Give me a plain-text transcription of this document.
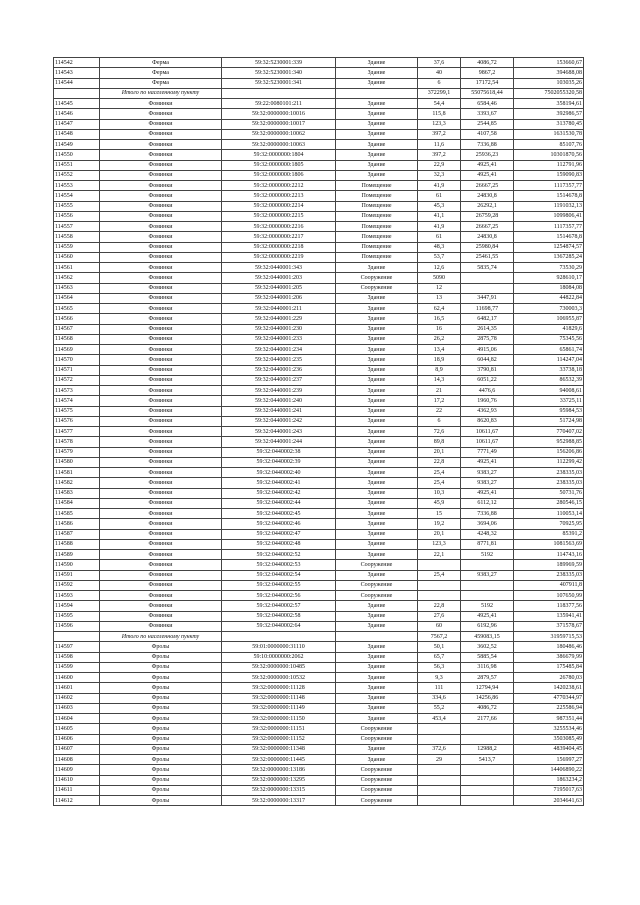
114542	Ферма	59:32:5230001:339	Здание	37,6	4086,72	153660,67
114543	Ферма	59:32:5230001:340	Здание	40	9867,2	394688,08
114544	Ферма	59:32:5230001:341	Здание	6	17172,54	103035,26
	Итого по населенному пункту			372299,1	55075618,44	7502055320,58
114545	Фоминки	59:22:0080101:211	Здание	54,4	6584,46	358194,61
114546	Фоминки	59:32:0000000:10016	Здание	115,8	3393,67	392986,57
114547	Фоминки	59:32:0000000:10017	Здание	123,3	2544,85	313780,45
114548	Фоминки	59:32:0000000:10062	Здание	397,2	4107,58	1631530,78
114549	Фоминки	59:32:0000000:10063	Здание	11,6	7336,88	85107,76
114550	Фоминки	59:32:0000000:1804	Здание	397,2	25936,23	10301870,56
114551	Фоминки	59:32:0000000:1805	Здание	22,9	4925,41	112791,96
114552	Фоминки	59:32:0000000:1806	Здание	32,3	4925,41	159090,83
114553	Фоминки	59:32:0000000:2212	Помещение	41,9	26667,25	1117357,77
114554	Фоминки	59:32:0000000:2213	Помещение	61	24830,8	1514678,8
114555	Фоминки	59:32:0000000:2214	Помещение	45,3	26292,1	1191032,13
114556	Фоминки	59:32:0000000:2215	Помещение	41,1	26759,28	1099806,41
114557	Фоминки	59:32:0000000:2216	Помещение	41,9	26667,25	1117357,77
114558	Фоминки	59:32:0000000:2217	Помещение	61	24830,8	1514678,8
114559	Фоминки	59:32:0000000:2218	Помещение	48,3	25980,84	1254874,57
114560	Фоминки	59:32:0000000:2219	Помещение	53,7	25461,55	1367285,24
114561	Фоминки	59:32:0440001:343	Здание	12,6	5835,74	73530,29
114562	Фоминки	59:32:0440001:203	Сооружение	5090		928610,17
114563	Фоминки	59:32:0440001:205	Сооружение	12		18084,08
114564	Фоминки	59:32:0440001:206	Здание	13	3447,91	44822,84
114565	Фоминки	59:32:0440001:211	Здание	62,4	11698,77	730003,3
114566	Фоминки	59:32:0440001:229	Здание	16,5	6482,17	106955,87
114567	Фоминки	59:32:0440001:230	Здание	16	2614,35	41829,6
114568	Фоминки	59:32:0440001:233	Здание	26,2	2875,78	75345,56
114569	Фоминки	59:32:0440001:234	Здание	13,4	4915,06	65861,74
114570	Фоминки	59:32:0440001:235	Здание	18,9	6044,82	114247,04
114571	Фоминки	59:32:0440001:236	Здание	8,9	3790,81	33738,18
114572	Фоминки	59:32:0440001:237	Здание	14,3	6051,22	86532,39
114573	Фоминки	59:32:0440001:239	Здание	21	4476,6	94008,61
114574	Фоминки	59:32:0440001:240	Здание	17,2	1960,76	33725,11
114575	Фоминки	59:32:0440001:241	Здание	22	4362,93	95984,53
114576	Фоминки	59:32:0440001:242	Здание	6	8620,83	51724,98
114577	Фоминки	59:32:0440001:243	Здание	72,6	10611,67	770407,02
114578	Фоминки	59:32:0440001:244	Здание	89,8	10611,67	952988,85
114579	Фоминки	59:32:0440002:38	Здание	20,1	7771,49	156206,86
114580	Фоминки	59:32:0440002:39	Здание	22,8	4925,41	112299,42
114581	Фоминки	59:32:0440002:40	Здание	25,4	9383,27	238335,03
114582	Фоминки	59:32:0440002:41	Здание	25,4	9383,27	238335,03
114583	Фоминки	59:32:0440002:42	Здание	10,3	4925,41	50731,76
114584	Фоминки	59:32:0440002:44	Здание	45,9	6112,12	280546,15
114585	Фоминки	59:32:0440002:45	Здание	15	7336,88	110053,14
114586	Фоминки	59:32:0440002:46	Здание	19,2	3694,06	70925,95
114587	Фоминки	59:32:0440002:47	Здание	20,1	4248,32	85391,2
114588	Фоминки	59:32:0440002:48	Здание	123,3	8771,81	1081563,69
114589	Фоминки	59:32:0440002:52	Здание	22,1	5192	114743,16
114590	Фоминки	59:32:0440002:53	Сооружение			189969,59
114591	Фоминки	59:32:0440002:54	Здание	25,4	9383,27	238335,03
114592	Фоминки	59:32:0440002:55	Сооружение			407911,8
114593	Фоминки	59:32:0440002:56	Сооружение			107650,99
114594	Фоминки	59:32:0440002:57	Здание	22,8	5192	118377,56
114595	Фоминки	59:32:0440002:58	Здание	27,6	4925,41	135941,41
114596	Фоминки	59:32:0440002:64	Здание	60	6192,96	371578,67
	Итого по населенному пункту			7567,2	459083,15	31959715,53
114597	Фролы	59:01:0000000:31110	Здание	50,1	3602,52	180486,46
114598	Фролы	59:10:0000000:2062	Здание	65,7	5885,54	386679,99
114599	Фролы	59:32:0000000:10485	Здание	56,3	3116,98	175485,84
114600	Фролы	59:32:0000000:10532	Здание	9,3	2879,57	26780,03
114601	Фролы	59:32:0000000:11128	Здание	111	12794,94	1420238,61
114602	Фролы	59:32:0000000:11148	Здание	334,6	14256,86	4770344,97
114603	Фролы	59:32:0000000:11149	Здание	55,2	4086,72	225586,94
114604	Фролы	59:32:0000000:11150	Здание	453,4	2177,66	987351,44
114605	Фролы	59:32:0000000:11151	Сооружение			3255534,46
114606	Фролы	59:32:0000000:11152	Сооружение			3503085,49
114607	Фролы	59:32:0000000:11348	Здание	372,6	12988,2	4839404,45
114608	Фролы	59:32:0000000:11445	Здание	29	5413,7	156997,27
114609	Фролы	59:32:0000000:13186	Сооружение			14406890,22
114610	Фролы	59:32:0000000:13295	Сооружение			1863234,2
114611	Фролы	59:32:0000000:13315	Сооружение			7195017,63
114612	Фролы	59:32:0000000:13317	Сооружение			2034641,63
